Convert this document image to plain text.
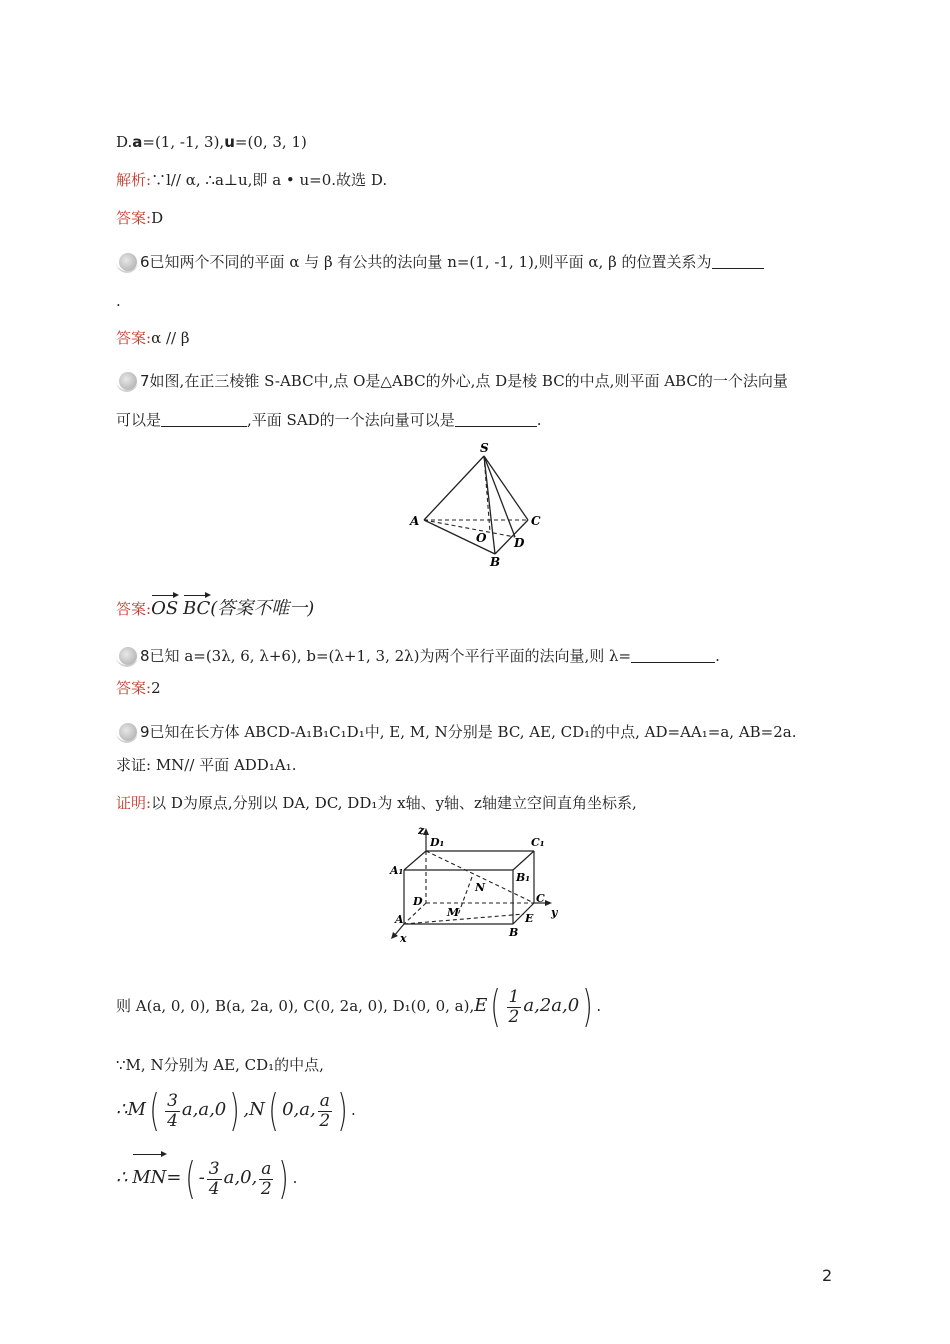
D.a=(1, -1, 3),u=(0, 3, 1)
解析:∵l// α, ∴a⊥u,即 a • u=0.故选 D.
答案:D
6已知两个不同的平面 α 与 β 有公共的法向量 n=(1, -1, 1),则平面 α, β 的位置关系为
.
答案:α // β
7如图,在正三棱锥 S-ABC中,点 O是△ABC的外心,点 D是棱 BC的中点,则平面 ABC的一个法向量
可以是	,平面 SAD的一个法向量可以是	.
S
A	C
O D
B
答案:OS BC(答案不唯一)
8已知 a=(3λ, 6, λ+6), b=(λ+1, 3, 2λ)为两个平行平面的法向量,则 λ=	.
答案:2
9已知在长方体 ABCD-A₁B₁C₁D₁中, E, M, N分别是 BC, AE, CD₁的中点, AD=AA₁=a, AB=2a.
求证: MN// 平面 ADD₁A₁.
证明:以 D为原点,分别以 DA, DC, DD₁为 x轴、y轴、z轴建立空间直角坐标系,
z
D₁	C₁
A₁
B₁
N
D
M
C
y
A	E
B
x
则 A(a, 0, 0), B(a, 2a, 0), C(0, 2a, 0), D₁(0, 0, $a),E( \frac{1}{2} a,2a,0)$ .
∵M, N分别为 AE, CD₁的中点,
∴M( $\frac{3}{4} a,a,0$) ,N( 0,a, $\frac{a}{2}$ ) .
∴ $MN=( - \frac{3}{4} a,0$, $\frac{a}{2}$ ) .
2
